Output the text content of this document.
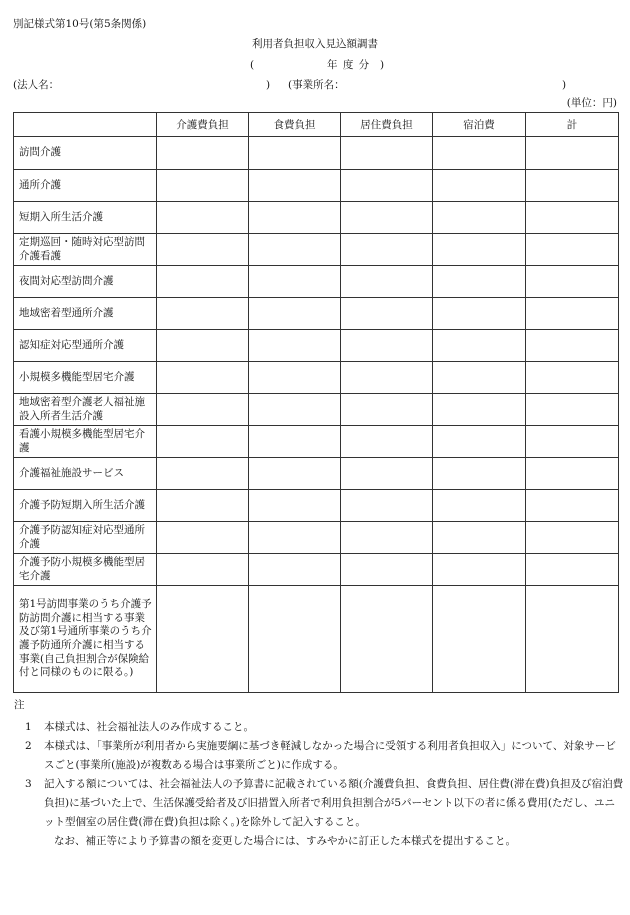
別記様式第10号(第5条関係)
利用者負担収入見込額調書
(	年 度 分 )
(法人名：	) (事業所名：	)
(単位：円)
	介護費負担	食費負担	居住費負担	宿泊費	計
訪問介護					
通所介護					
短期入所生活介護					
定期巡回・随時対応型訪問介護看護					
夜間対応型訪問介護					
地域密着型通所介護					
認知症対応型通所介護					
小規模多機能型居宅介護					
地域密着型介護老人福祉施設入所者生活介護					
看護小規模多機能型居宅介護					
介護福祉施設サービス					
介護予防短期入所生活介護					
介護予防認知症対応型通所介護					
介護予防小規模多機能型居宅介護					
第1号訪問事業のうち介護予防訪問介護に相当する事業及び第1号通所事業のうち介護予防通所介護に相当する事業(自己負担割合が保険給付と同様のものに限る。)					
注
1 本様式は、社会福祉法人のみ作成すること。
2 本様式は、「事業所が利用者から実施要綱に基づき軽減しなかった場合に受領する利用者負担収入」について、対象サービスごと(事業所(施設)が複数ある場合は事業所ごと)に作成する。
3 記入する額については、社会福祉法人の予算書に記載されている額(介護費負担、食費負担、居住費(滞在費)負担及び宿泊費負担)に基づいた上で、生活保護受給者及び旧措置入所者で利用負担割合が5パーセント以下の者に係る費用(ただし、ユニット型個室の居住費(滞在費)負担は除く。)を除外して記入すること。
なお、補正等により予算書の額を変更した場合には、すみやかに訂正した本様式を提出すること。
